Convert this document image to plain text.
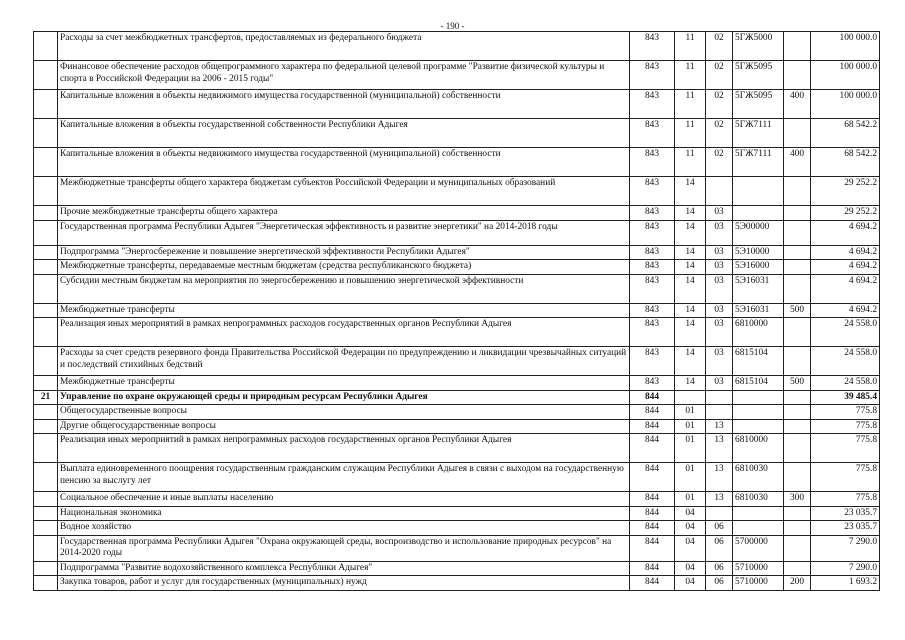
- 190 -
	Расходы за счет межбюджетных трансфертов, предоставляемых из федерального бюджета	843	11	02	5ГЖ5000		100 000.0
	Финансовое обеспечение расходов общепрограммного характера по федеральной целевой программе "Развитие физической культуры и спорта в Российской Федерации на 2006 - 2015 годы"	843	11	02	5ГЖ5095		100 000.0
	Капитальные вложения в объекты недвижимого имущества государственной (муниципальной) собственности	843	11	02	5ГЖ5095	400	100 000.0
	Капитальные вложения в объекты государственной собственности Республики Адыгея	843	11	02	5ГЖ7111		68 542.2
	Капитальные вложения в объекты недвижимого имущества государственной (муниципальной) собственности	843	11	02	5ГЖ7111	400	68 542.2
	Межбюджетные трансферты общего характера бюджетам субъектов Российской Федерации и муниципальных образований	843	14				29 252.2
	Прочие межбюджетные трансферты общего характера	843	14	03			29 252.2
	Государственная программа Республики Адыгея "Энергетическая эффективность и развитие энергетики" на 2014-2018 годы	843	14	03	5Э00000		4 694.2
	Подпрограмма "Энергосбережение и повышение энергетической эффективности Республики Адыгея"	843	14	03	5Э10000		4 694.2
	Межбюджетные трансферты, передаваемые местным бюджетам (средства республиканского бюджета)	843	14	03	5Э16000		4 694.2
	Субсидии местным бюджетам на мероприятия по энергосбережению и повышению энергетической эффективности	843	14	03	5Э16031		4 694.2
	Межбюджетные трансферты	843	14	03	5Э16031	500	4 694.2
	Реализация иных мероприятий в рамках непрограммных расходов государственных органов Республики Адыгея	843	14	03	6810000		24 558.0
	Расходы за счет средств резервного фонда Правительства Российской Федерации по предупреждению и ликвидации чрезвычайных ситуаций и последствий стихийных бедствий	843	14	03	6815104		24 558.0
	Межбюджетные трансферты	843	14	03	6815104	500	24 558.0
21	Управление по охране окружающей среды и природным ресурсам Республики Адыгея	844					39 485.4
	Общегосударственные вопросы	844	01				775.8
	Другие общегосударственные вопросы	844	01	13			775.8
	Реализация иных мероприятий в рамках непрограммных расходов государственных органов Республики Адыгея	844	01	13	6810000		775.8
	Выплата единовременного поощрения государственным гражданским служащим Республики Адыгея в связи с выходом на государственную пенсию за выслугу лет	844	01	13	6810030		775.8
	Социальное обеспечение и иные выплаты населению	844	01	13	6810030	300	775.8
	Национальная экономика	844	04				23 035.7
	Водное хозяйство	844	04	06			23 035.7
	Государственная программа Республики Адыгея "Охрана окружающей среды, воспроизводство и использование природных ресурсов" на 2014-2020 годы	844	04	06	5700000		7 290.0
	Подпрограмма "Развитие водохозяйственного комплекса Республики Адыгея"	844	04	06	5710000		7 290.0
	Закупка товаров, работ и услуг для государственных (муниципальных) нужд	844	04	06	5710000	200	1 693.2
